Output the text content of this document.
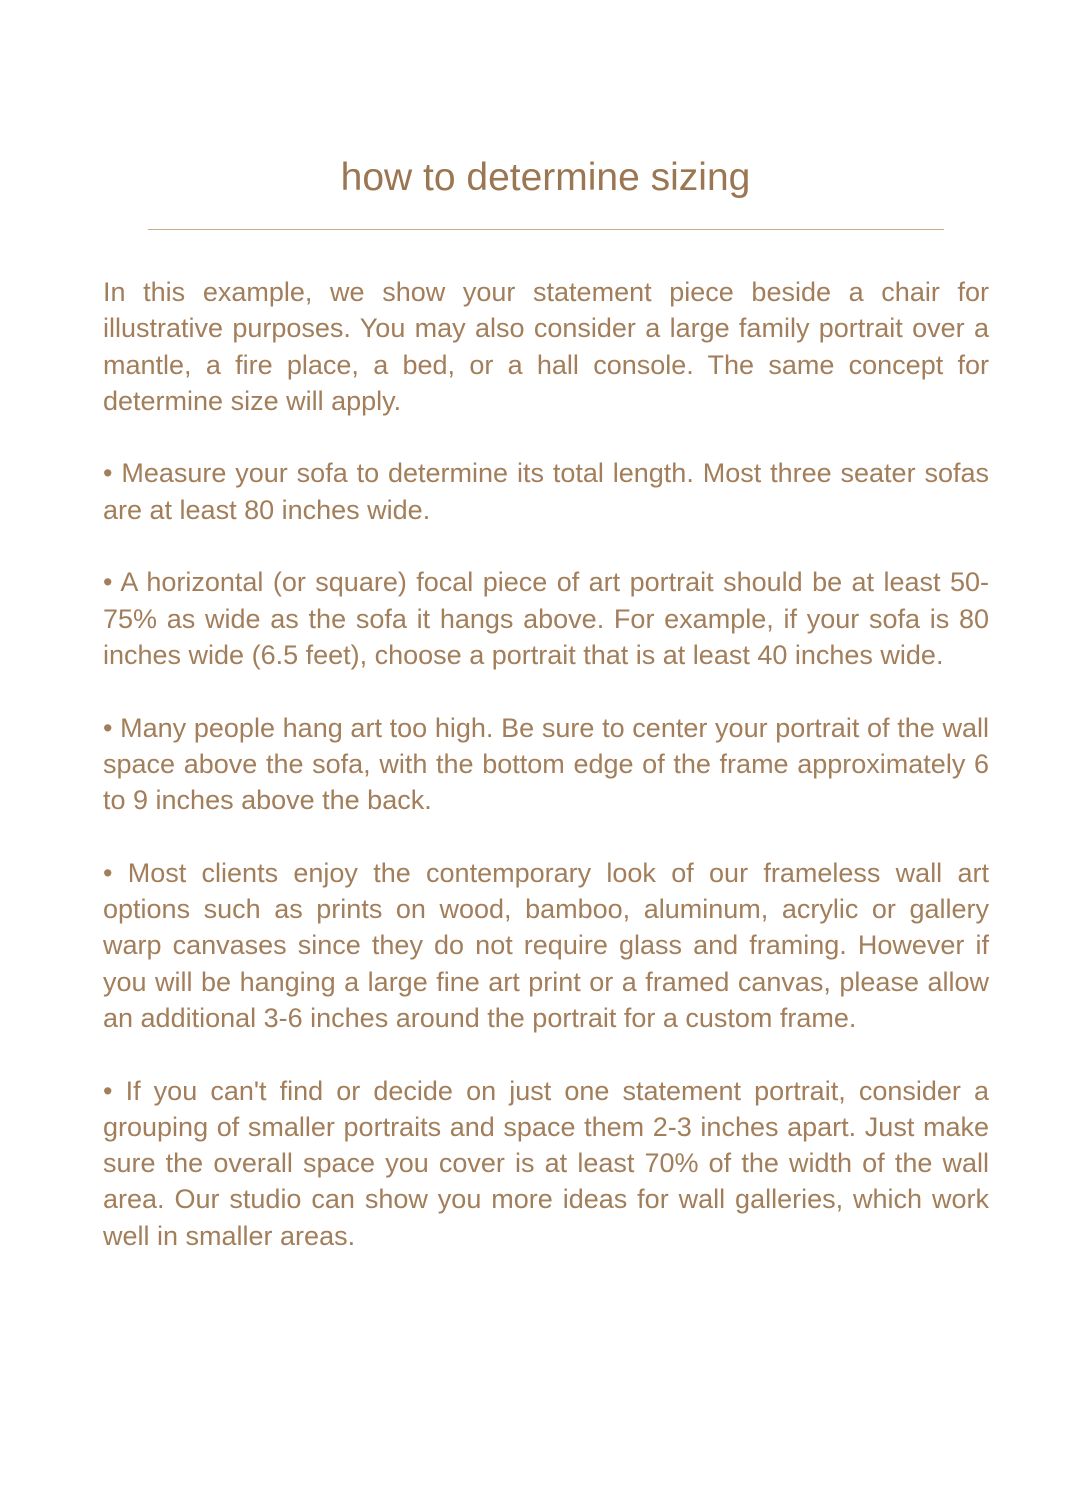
how to determine sizing

In this example, we show your statement piece beside a chair for illustrative purposes. You may also consider a large family portrait over a mantle, a fire place, a bed, or a hall console. The same concept for determine size will apply.

• Measure your sofa to determine its total length. Most three seater sofas are at least 80 inches wide.

• A horizontal (or square) focal piece of art portrait should be at least 50-75% as wide as the sofa it hangs above. For example, if your sofa is 80 inches wide (6.5 feet), choose a portrait that is at least 40 inches wide.

• Many people hang art too high. Be sure to center your portrait of the wall space above the sofa, with the bottom edge of the frame approximately 6 to 9 inches above the back.

• Most clients enjoy the contemporary look of our frameless wall art options such as prints on wood, bamboo, aluminum, acrylic or gallery warp canvases since they do not require glass and framing. However if you will be hanging a large fine art print or a framed canvas, please allow an additional 3-6 inches around the portrait for a custom frame.

• If you can't find or decide on just one statement portrait, consider a grouping of smaller portraits and space them 2-3 inches apart. Just make sure the overall space you cover is at least 70% of the width of the wall area. Our studio can show you more ideas for wall galleries, which work well in smaller areas.
